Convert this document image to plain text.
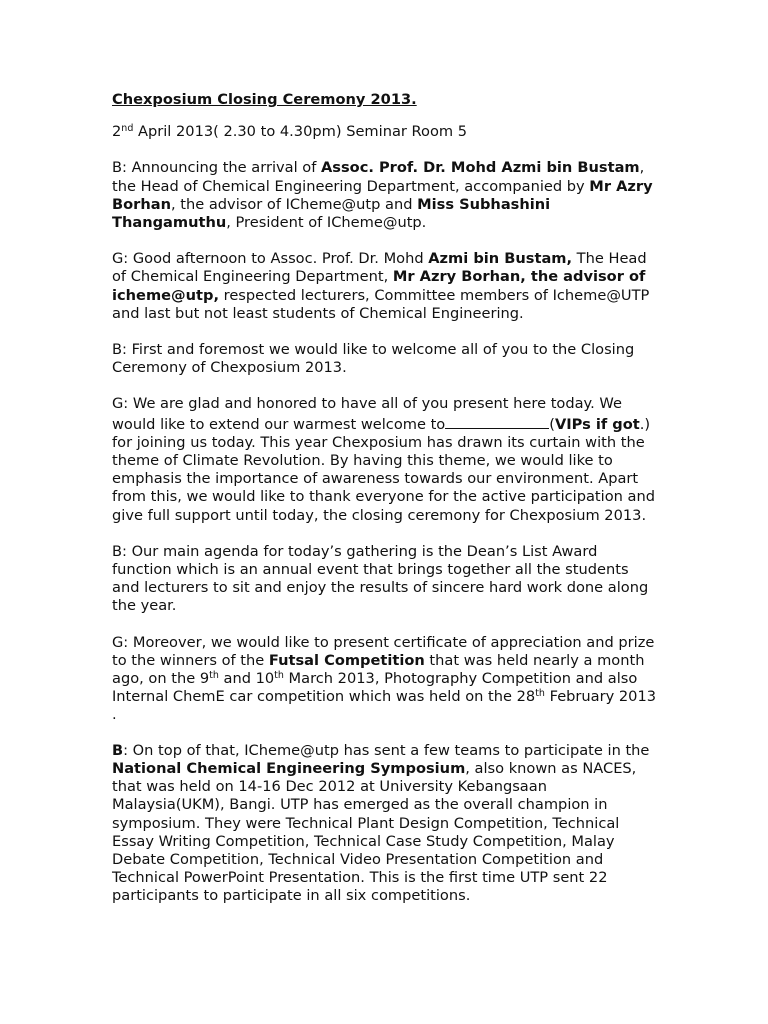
Chexposium Closing Ceremony 2013.

2nd April 2013( 2.30 to 4.30pm) Seminar Room 5

B: Announcing the arrival of Assoc. Prof. Dr. Mohd Azmi bin Bustam, the Head of Chemical Engineering Department, accompanied by Mr Azry Borhan, the advisor of ICheme@utp and Miss Subhashini Thangamuthu, President of ICheme@utp.

G: Good afternoon to Assoc. Prof. Dr. Mohd Azmi bin Bustam, The Head of Chemical Engineering Department, Mr Azry Borhan, the advisor of icheme@utp, respected lecturers, Committee members of Icheme@UTP and last but not least students of Chemical Engineering.

B: First and foremost we would like to welcome all of you to the Closing Ceremony of Chexposium 2013.

G: We are glad and honored to have all of you present here today. We would like to extend our warmest welcome to	(VIPs if got.) for joining us today. This year Chexposium has drawn its curtain with the theme of Climate Revolution. By having this theme, we would like to emphasis the importance of awareness towards our environment. Apart from this, we would like to thank everyone for the active participation and give full support until today, the closing ceremony for Chexposium 2013.

B: Our main agenda for today’s gathering is the Dean’s List Award function which is an annual event that brings together all the students and lecturers to sit and enjoy the results of sincere hard work done along the year.

G: Moreover, we would like to present certificate of appreciation and prize to the winners of the Futsal Competition that was held nearly a month ago, on the 9th and 10th March 2013, Photography Competition and also Internal ChemE car competition which was held on the 28th February 2013 .

B: On top of that, ICheme@utp has sent a few teams to participate in the National Chemical Engineering Symposium, also known as NACES, that was held on 14-16 Dec 2012 at University Kebangsaan Malaysia(UKM), Bangi. UTP has emerged as the overall champion in symposium. They were Technical Plant Design Competition, Technical Essay Writing Competition, Technical Case Study Competition, Malay Debate Competition, Technical Video Presentation Competition and Technical PowerPoint Presentation. This is the first time UTP sent 22 participants to participate in all six competitions.
